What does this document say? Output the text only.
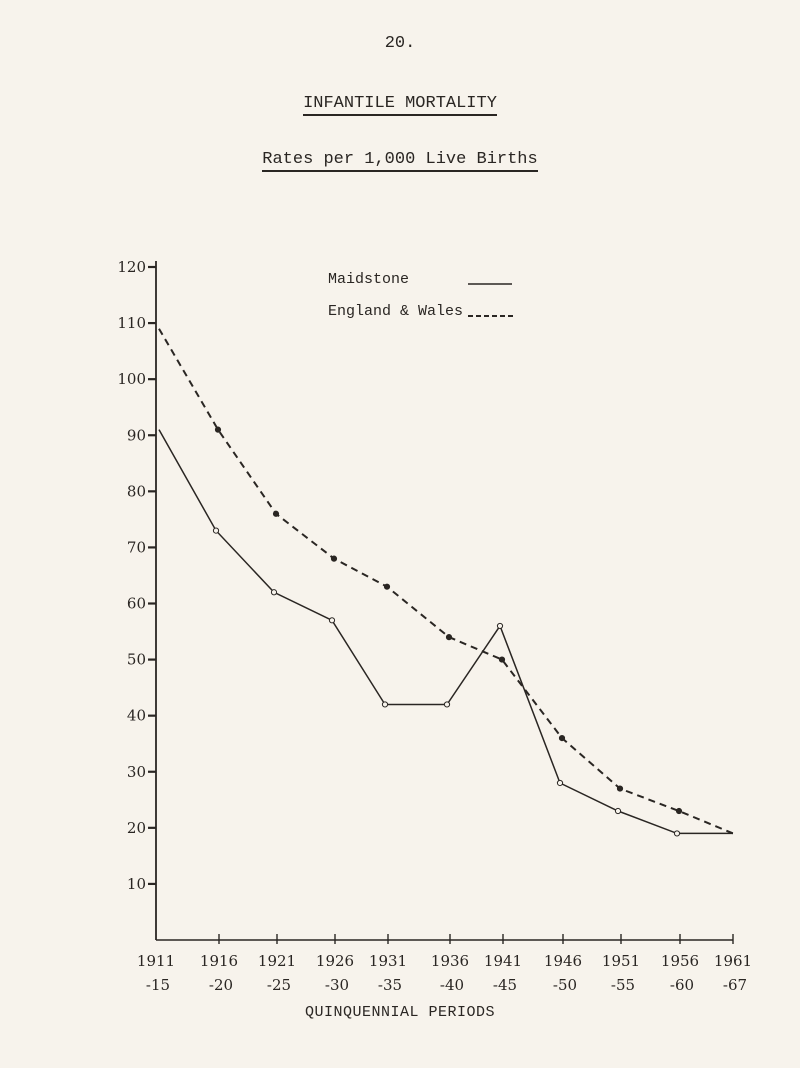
20.
INFANTILE MORTALITY
Rates per 1,000 Live Births
10
20
30
40
50
60
70
80
90
100
110
120
1911
-15
1916
-20
1921
-25
1926
-30
1931
-35
1936
-40
1941
-45
1946
-50
1951
-55
1956
-60
1961
-67
Maidstone
England & Wales
QUINQUENNIAL PERIODS
